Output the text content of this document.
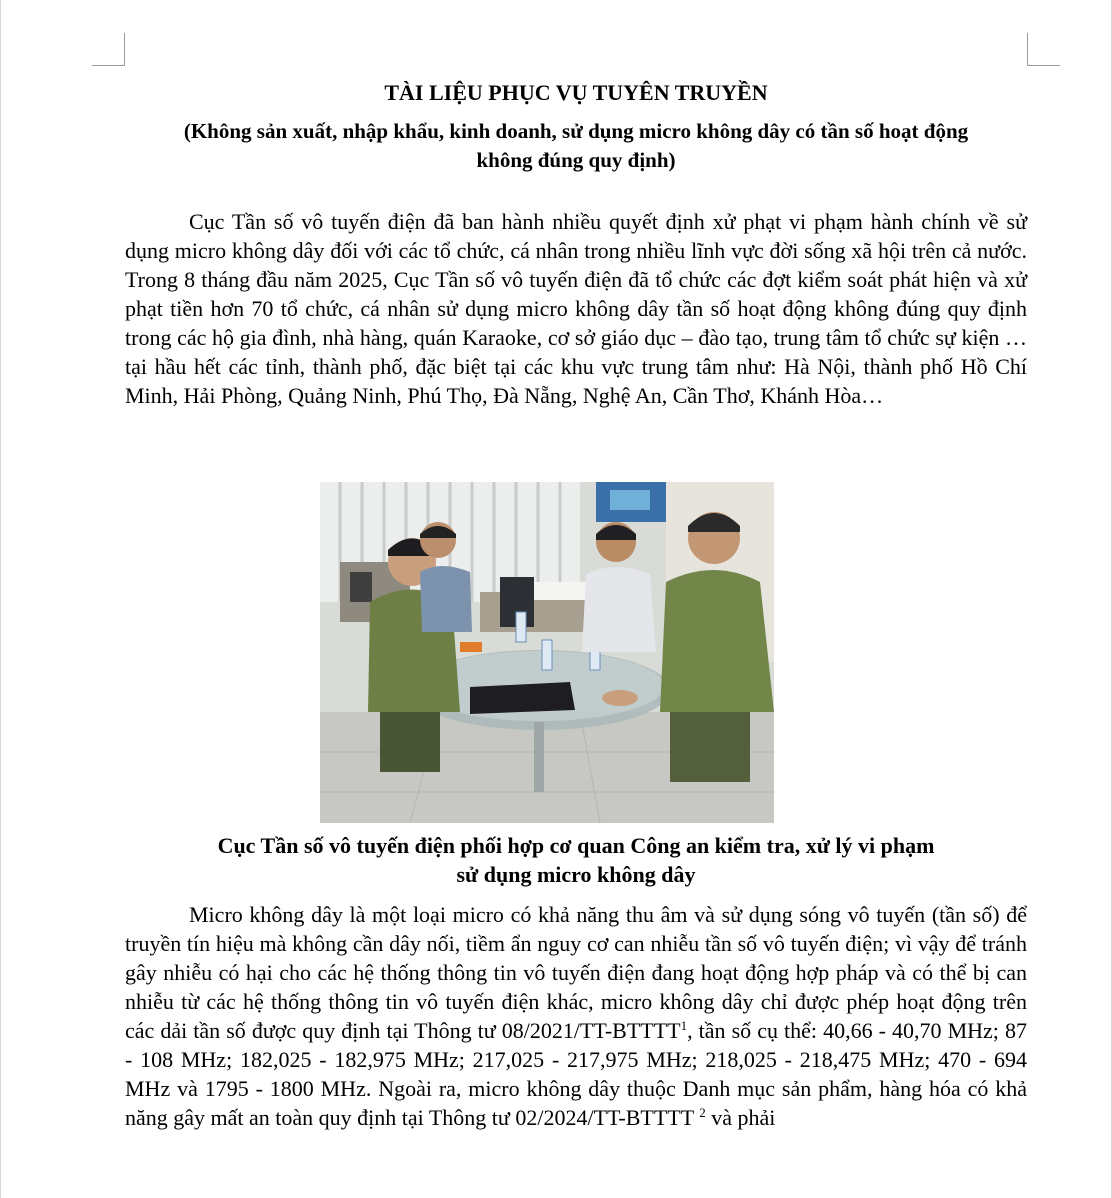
TÀI LIỆU PHỤC VỤ TUYÊN TRUYỀN
(Không sản xuất, nhập khẩu, kinh doanh, sử dụng micro không dây có tần số hoạt động
không đúng quy định)

Cục Tần số vô tuyến điện đã ban hành nhiều quyết định xử phạt vi phạm hành chính về sử dụng micro không dây đối với các tổ chức, cá nhân trong nhiều lĩnh vực đời sống xã hội trên cả nước. Trong 8 tháng đầu năm 2025, Cục Tần số vô tuyến điện đã tổ chức các đợt kiểm soát phát hiện và xử phạt tiền hơn 70 tổ chức, cá nhân sử dụng micro không dây tần số hoạt động không đúng quy định trong các hộ gia đình, nhà hàng, quán Karaoke, cơ sở giáo dục – đào tạo, trung tâm tổ chức sự kiện … tại hầu hết các tỉnh, thành phố, đặc biệt tại các khu vực trung tâm như: Hà Nội, thành phố Hồ Chí Minh, Hải Phòng, Quảng Ninh, Phú Thọ, Đà Nẵng, Nghệ An, Cần Thơ, Khánh Hòa…

Cục Tần số vô tuyến điện phối hợp cơ quan Công an kiểm tra, xử lý vi phạm
sử dụng micro không dây

Micro không dây là một loại micro có khả năng thu âm và sử dụng sóng vô tuyến (tần số) để truyền tín hiệu mà không cần dây nối, tiềm ẩn nguy cơ can nhiễu tần số vô tuyến điện; vì vậy để tránh gây nhiễu có hại cho các hệ thống thông tin vô tuyến điện đang hoạt động hợp pháp và có thể bị can nhiễu từ các hệ thống thông tin vô tuyến điện khác, micro không dây chỉ được phép hoạt động trên các dải tần số được quy định tại Thông tư 08/2021/TT-BTTTT$^1$, tần số cụ thể: 40,66 - 40,70 MHz; 87 - 108 MHz; 182,025 - 182,975 MHz; 217,025 - 217,975 MHz; 218,025 - 218,475 MHz; 470 - 694 MHz và 1795 - 1800 MHz. Ngoài ra, micro không dây thuộc Danh mục sản phẩm, hàng hóa có khả năng gây mất an toàn quy định tại Thông tư 02/2024/TT-BTTTT $^2$ và phải
